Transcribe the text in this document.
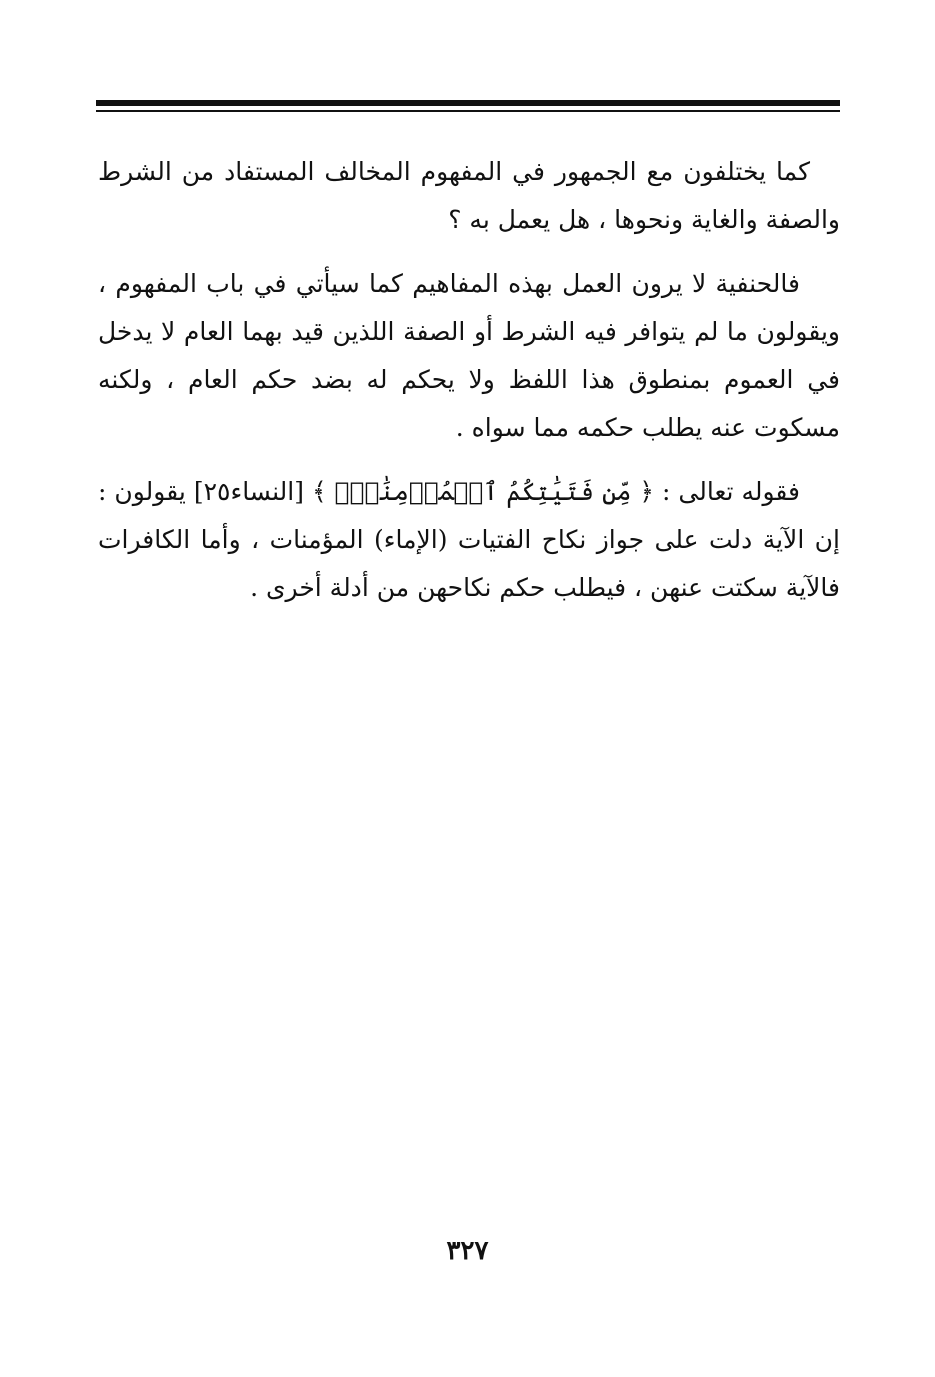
كما يختلفون مع الجمهور في المفهوم المخالف المستفاد من الشرط والصفة والغاية ونحوها ، هل يعمل به ؟

فالحنفية لا يرون العمل بهذه المفاهيم كما سيأتي في باب المفهوم ، ويقولون ما لم يتوافر فيه الشرط أو الصفة اللذين قيد بهما العام لا يدخل في العموم بمنطوق هذا اللفظ ولا يحكم له بضد حكم العام ، ولكنه مسكوت عنه يطلب حكمه مما سواه .

فقوله تعالى : ﴿ مِّن فَتَيَٰتِكُمُ ٱلۡمُؤۡمِنَٰتِۚ ﴾ [النساء٢٥] يقولون : إن الآية دلت على جواز نكاح الفتيات (الإماء) المؤمنات ، وأما الكافرات فالآية سكتت عنهن ، فيطلب حكم نكاحهن من أدلة أخرى .

٣٢٧
